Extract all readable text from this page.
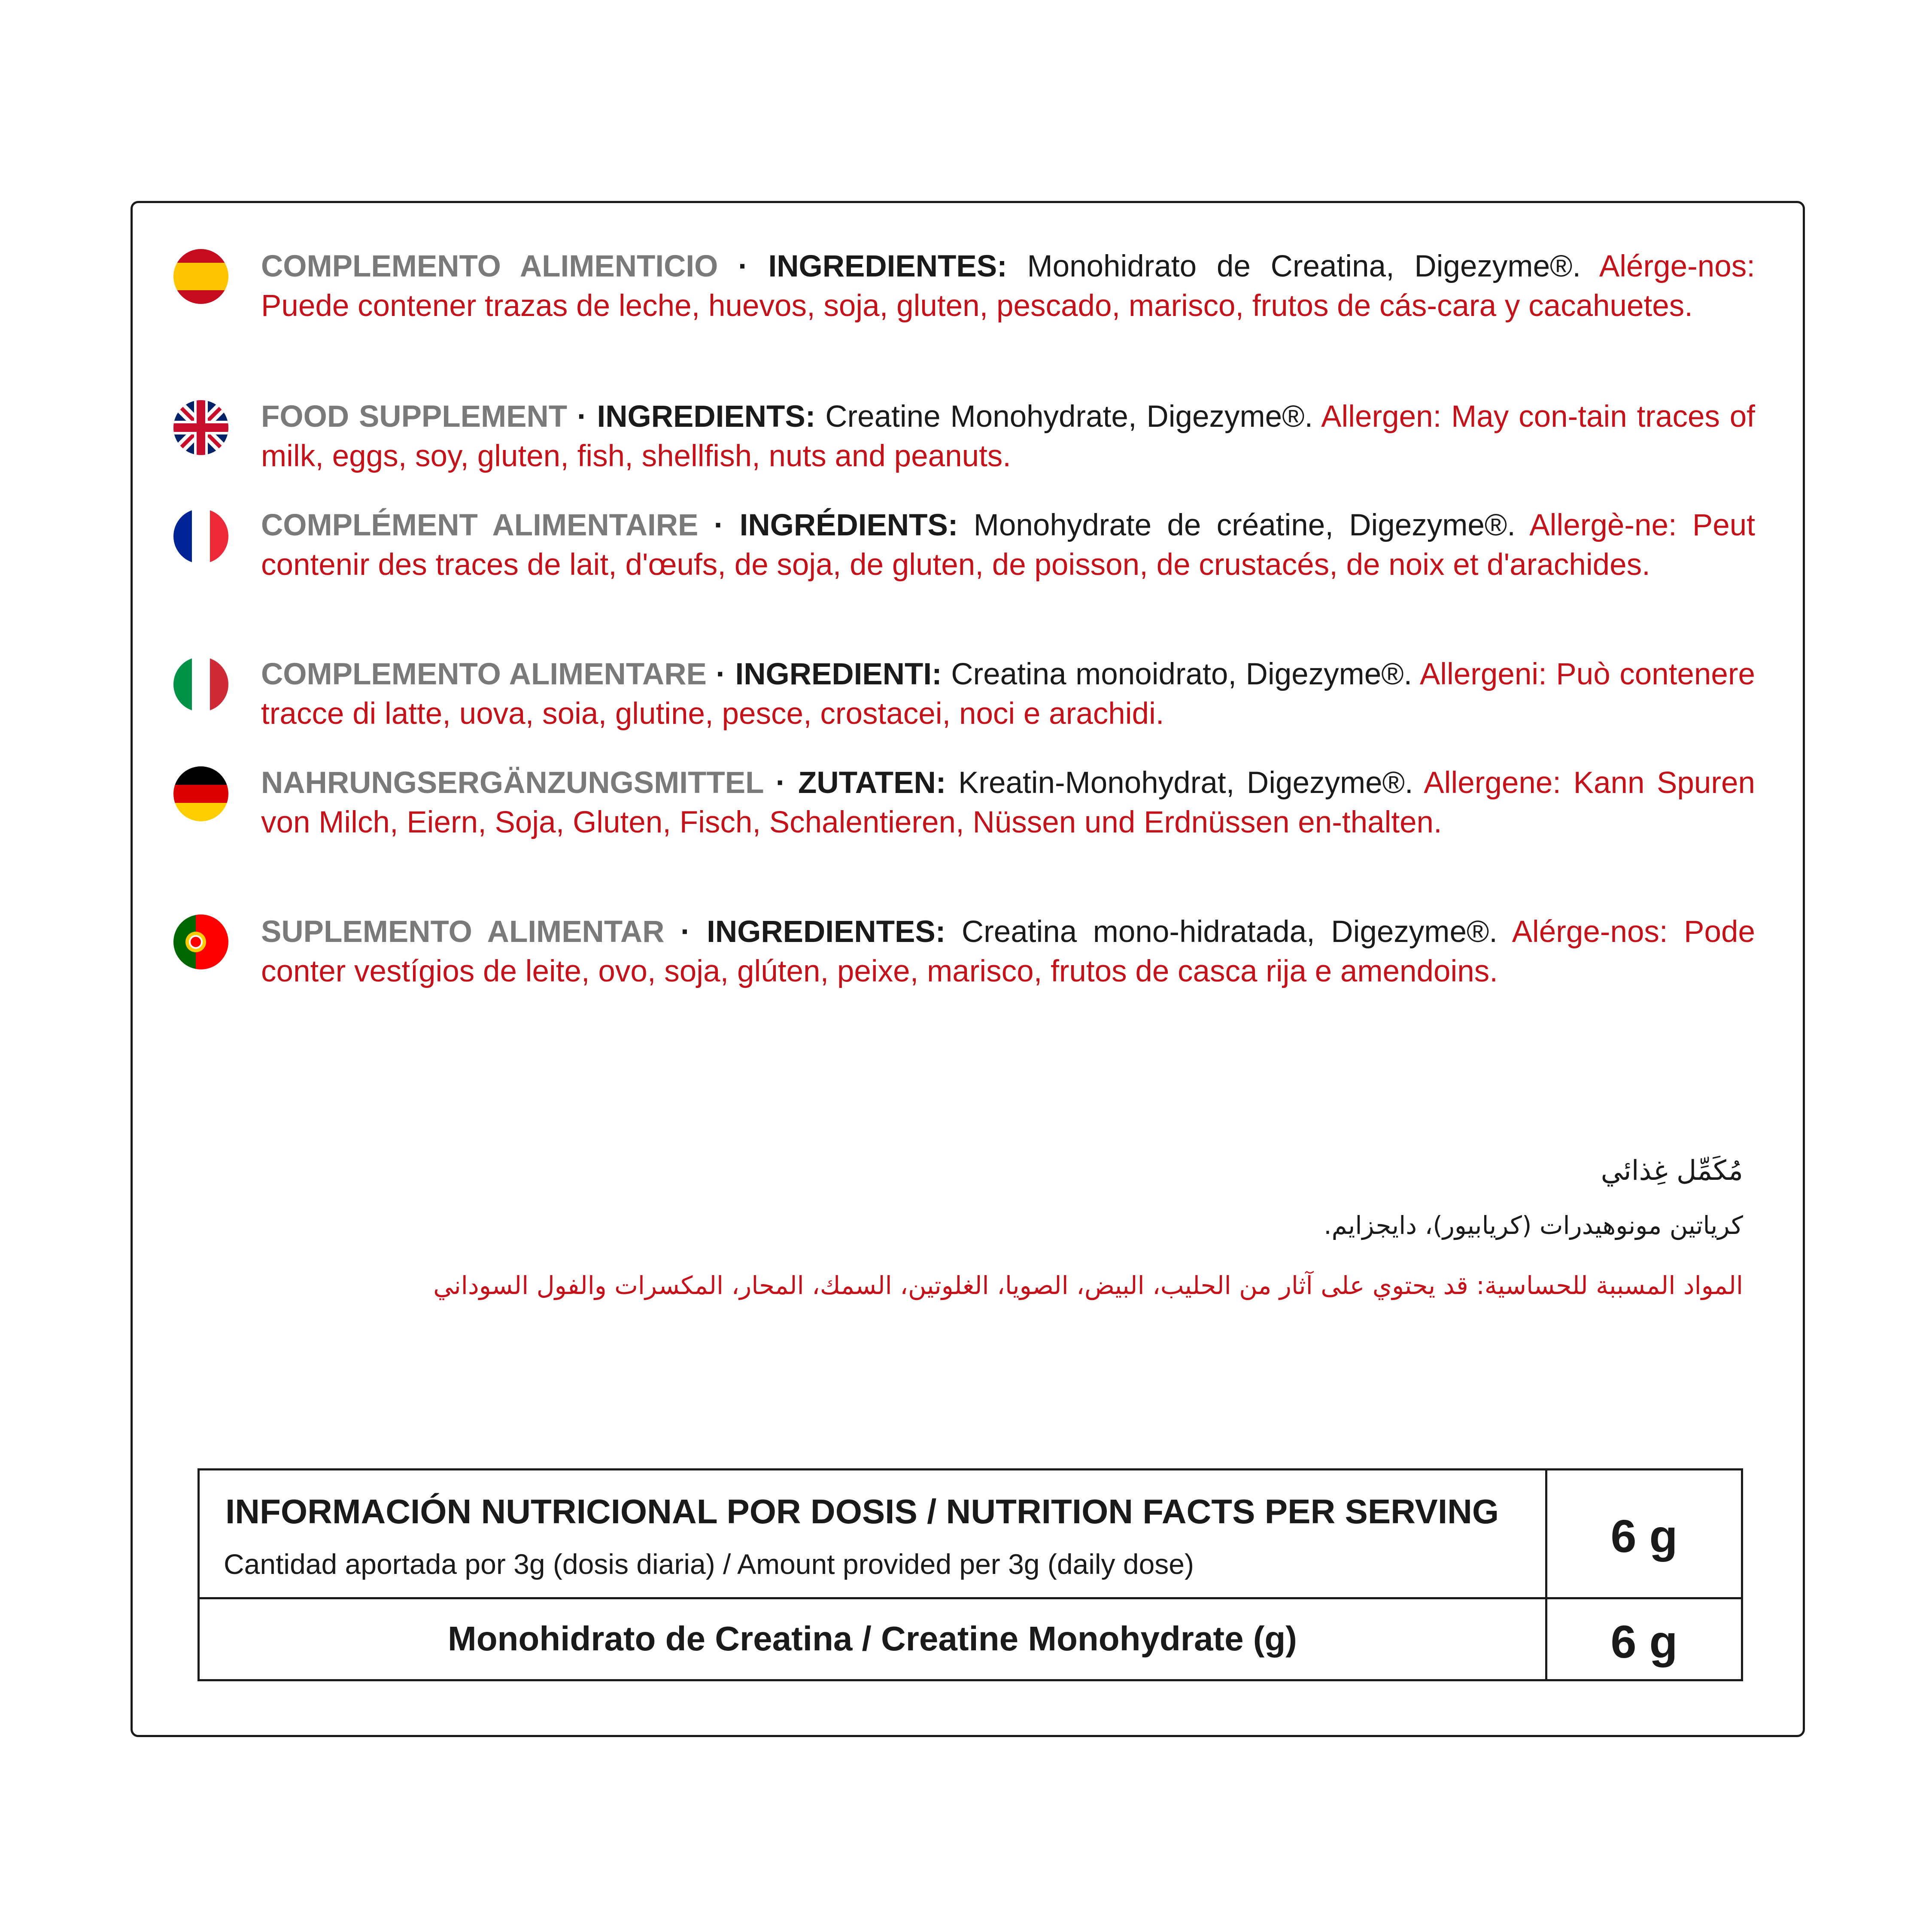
COMPLEMENTO ALIMENTICIO · INGREDIENTES: Monohidrato de Creatina, Digezyme®. Alérge-nos: Puede contener trazas de leche, huevos, soja, gluten, pescado, marisco, frutos de cás-cara y cacahuetes.
FOOD SUPPLEMENT · INGREDIENTS: Creatine Monohydrate, Digezyme®. Allergen: May con-tain traces of milk, eggs, soy, gluten, fish, shellfish, nuts and peanuts.
COMPLÉMENT ALIMENTAIRE · INGRÉDIENTS: Monohydrate de créatine, Digezyme®. Allergè-ne: Peut contenir des traces de lait, d'œufs, de soja, de gluten, de poisson, de crustacés, de noix et d'arachides.
COMPLEMENTO ALIMENTARE · INGREDIENTI: Creatina monoidrato, Digezyme®. Allergeni: Può contenere tracce di latte, uova, soia, glutine, pesce, crostacei, noci e arachidi.
NAHRUNGSERGÄNZUNGSMITTEL · ZUTATEN: Kreatin-Monohydrat, Digezyme®. Allergene: Kann Spuren von Milch, Eiern, Soja, Gluten, Fisch, Schalentieren, Nüssen und Erdnüssen en-thalten.
SUPLEMENTO ALIMENTAR · INGREDIENTES: Creatina mono-hidratada, Digezyme®. Alérge-nos: Pode conter vestígios de leite, ovo, soja, glúten, peixe, marisco, frutos de casca rija e amendoins.
مُكَمِّل غِذائي
كرياتين مونوهيدرات (كريابيور)، دايجزايم.
المواد المسببة للحساسية: قد يحتوي على آثار من الحليب، البيض، الصويا، الغلوتين، السمك، المحار، المكسرات والفول السوداني
INFORMACIÓN NUTRICIONAL POR DOSIS / NUTRITION FACTS PER SERVING
Cantidad aportada por 3g (dosis diaria) / Amount provided per 3g (daily dose)
6 g
Monohidrato de Creatina / Creatine Monohydrate (g)	6 g
